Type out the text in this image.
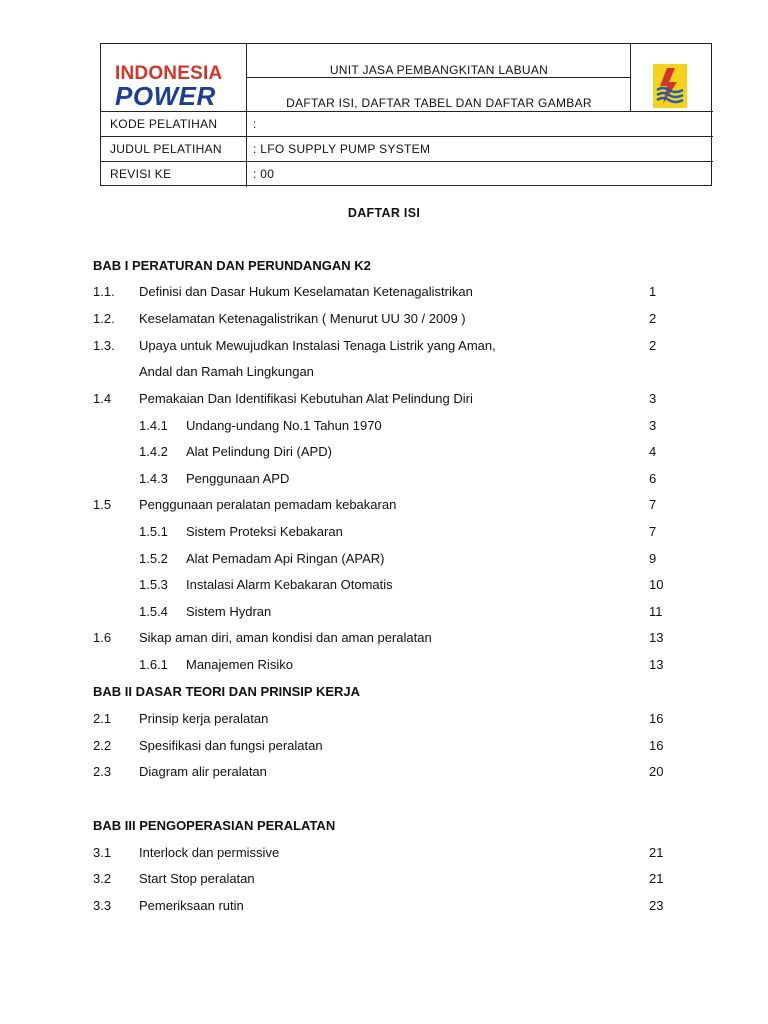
INDONESIA
POWER
UNIT JASA PEMBANGKITAN LABUAN
DAFTAR ISI, DAFTAR TABEL DAN DAFTAR GAMBAR
KODE PELATIHAN	:
JUDUL PELATIHAN	: LFO SUPPLY PUMP SYSTEM
REVISI KE	: 00
DAFTAR ISI
BAB I PERATURAN DAN PERUNDANGAN K2
1.1. Definisi dan Dasar Hukum Keselamatan Ketenagalistrikan	1
1.2. Keselamatan Ketenagalistrikan ( Menurut UU 30 / 2009 )	2
1.3. Upaya untuk Mewujudkan Instalasi Tenaga Listrik yang Aman,	2
Andal dan Ramah Lingkungan
1.4 Pemakaian Dan Identifikasi Kebutuhan Alat Pelindung Diri	3
1.4.1 Undang-undang No.1 Tahun 1970	3
1.4.2 Alat Pelindung Diri (APD)	4
1.4.3 Penggunaan APD	6
1.5 Penggunaan peralatan pemadam kebakaran	7
1.5.1 Sistem Proteksi Kebakaran	7
1.5.2 Alat Pemadam Api Ringan (APAR)	9
1.5.3 Instalasi Alarm Kebakaran Otomatis	10
1.5.4 Sistem Hydran	11
1.6 Sikap aman diri, aman kondisi dan aman peralatan	13
1.6.1 Manajemen Risiko	13
BAB II DASAR TEORI DAN PRINSIP KERJA
2.1 Prinsip kerja peralatan	16
2.2 Spesifikasi dan fungsi peralatan	16
2.3 Diagram alir peralatan	20
BAB III PENGOPERASIAN PERALATAN
3.1 Interlock dan permissive	21
3.2 Start Stop peralatan	21
3.3 Pemeriksaan rutin	23
